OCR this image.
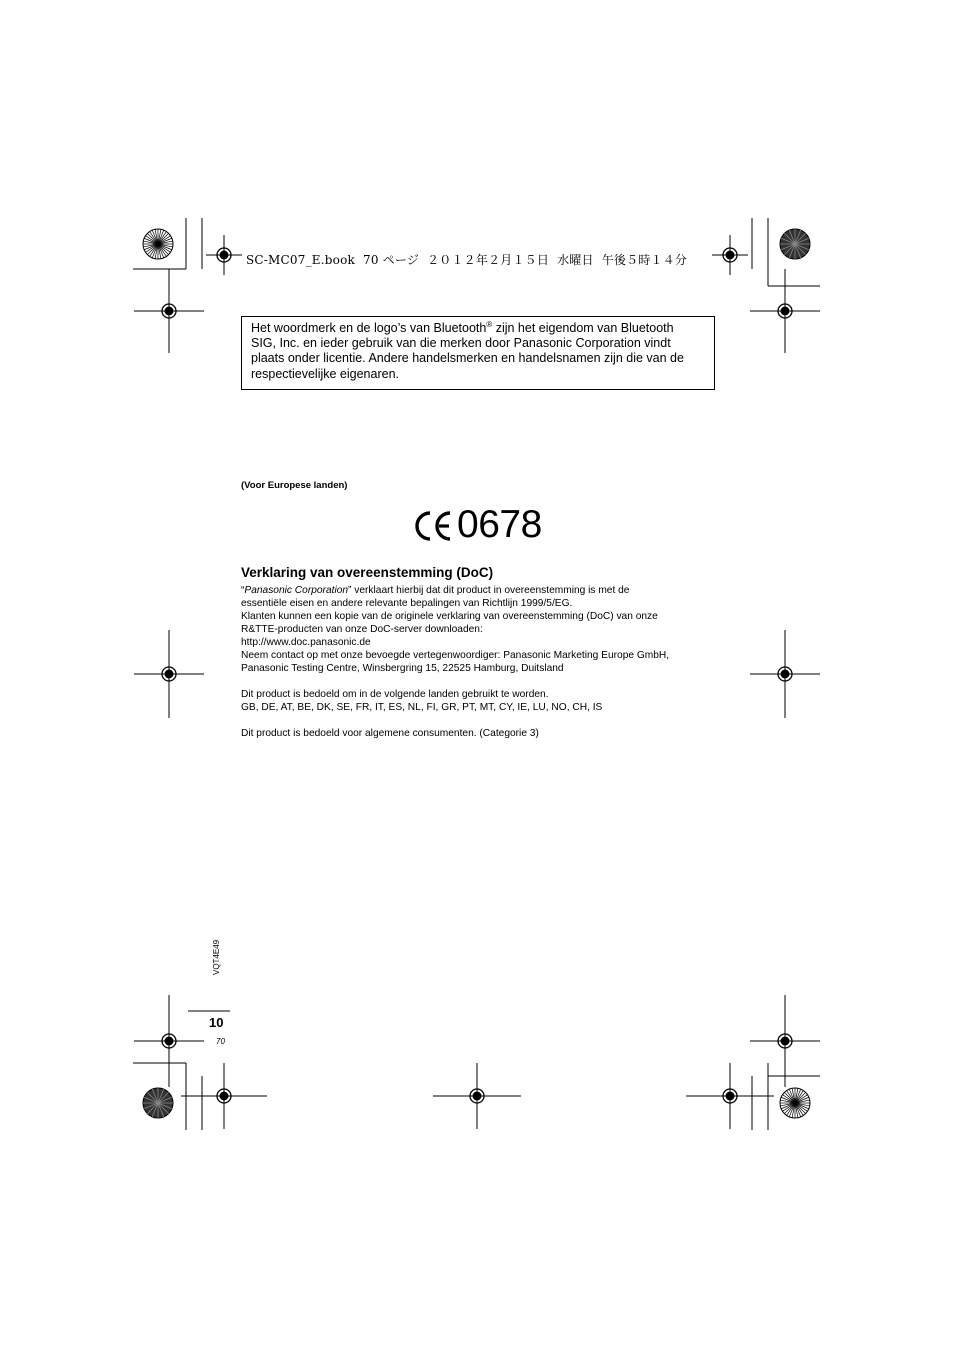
SC-MC07_E.book  70 ページ  ２０１２年２月１５日  水曜日  午後５時１４分
Het woordmerk en de logo’s van Bluetooth® zijn het eigendom van Bluetooth
SIG, Inc. en ieder gebruik van die merken door Panasonic Corporation vindt
plaats onder licentie. Andere handelsmerken en handelsnamen zijn die van de
respectievelijke eigenaren.
(Voor Europese landen)
0678
Verklaring van overeenstemming (DoC)
“Panasonic Corporation” verklaart hierbij dat dit product in overeenstemming is met de
essentiële eisen en andere relevante bepalingen van Richtlijn 1999/5/EG.
Klanten kunnen een kopie van de originele verklaring van overeenstemming (DoC) van onze
R&TTE-producten van onze DoC-server downloaden:
http://www.doc.panasonic.de
Neem contact op met onze bevoegde vertegenwoordiger: Panasonic Marketing Europe GmbH,
Panasonic Testing Centre, Winsbergring 15, 22525 Hamburg, Duitsland
Dit product is bedoeld om in de volgende landen gebruikt te worden.
GB, DE, AT, BE, DK, SE, FR, IT, ES, NL, FI, GR, PT, MT, CY, IE, LU, NO, CH, IS
Dit product is bedoeld voor algemene consumenten. (Categorie 3)
VQT4E49
10
70
